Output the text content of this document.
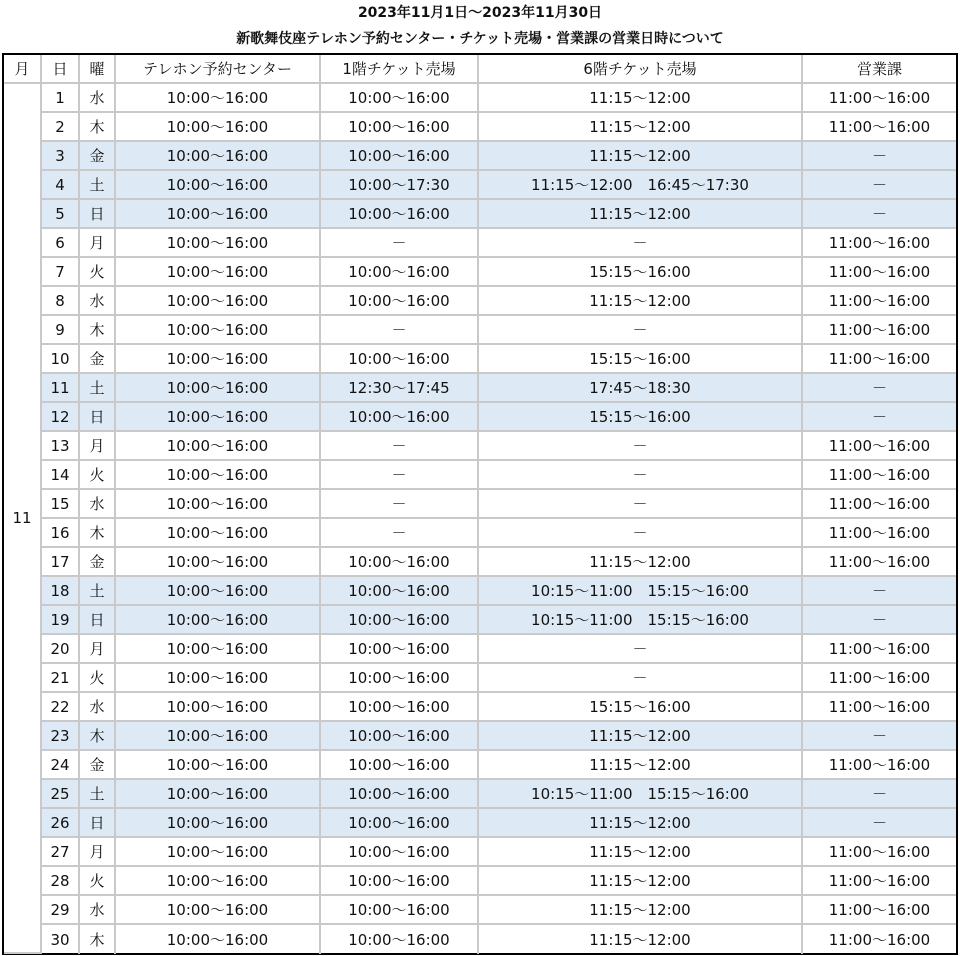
2023年11月1日～2023年11月30日
新歌舞伎座テレホン予約センター・チケット売場・営業課の営業日時について
月	日	曜	テレホン予約センター	1階チケット売場	6階チケット売場	営業課
11	1	水	10:00～16:00	10:00～16:00	11:15～12:00	11:00～16:00
	2	木	10:00～16:00	10:00～16:00	11:15～12:00	11:00～16:00
	3	金	10:00～16:00	10:00～16:00	11:15～12:00	－
	4	土	10:00～16:00	10:00～17:30	11:15～12:00　16:45～17:30	－
	5	日	10:00～16:00	10:00～16:00	11:15～12:00	－
	6	月	10:00～16:00	－	－	11:00～16:00
	7	火	10:00～16:00	10:00～16:00	15:15～16:00	11:00～16:00
	8	水	10:00～16:00	10:00～16:00	11:15～12:00	11:00～16:00
	9	木	10:00～16:00	－	－	11:00～16:00
	10	金	10:00～16:00	10:00～16:00	15:15～16:00	11:00～16:00
	11	土	10:00～16:00	12:30～17:45	17:45～18:30	－
	12	日	10:00～16:00	10:00～16:00	15:15～16:00	－
	13	月	10:00～16:00	－	－	11:00～16:00
	14	火	10:00～16:00	－	－	11:00～16:00
	15	水	10:00～16:00	－	－	11:00～16:00
	16	木	10:00～16:00	－	－	11:00～16:00
	17	金	10:00～16:00	10:00～16:00	11:15～12:00	11:00～16:00
	18	土	10:00～16:00	10:00～16:00	10:15～11:00　15:15～16:00	－
	19	日	10:00～16:00	10:00～16:00	10:15～11:00　15:15～16:00	－
	20	月	10:00～16:00	10:00～16:00	－	11:00～16:00
	21	火	10:00～16:00	10:00～16:00	－	11:00～16:00
	22	水	10:00～16:00	10:00～16:00	15:15～16:00	11:00～16:00
	23	木	10:00～16:00	10:00～16:00	11:15～12:00	－
	24	金	10:00～16:00	10:00～16:00	11:15～12:00	11:00～16:00
	25	土	10:00～16:00	10:00～16:00	10:15～11:00　15:15～16:00	－
	26	日	10:00～16:00	10:00～16:00	11:15～12:00	－
	27	月	10:00～16:00	10:00～16:00	11:15～12:00	11:00～16:00
	28	火	10:00～16:00	10:00～16:00	11:15～12:00	11:00～16:00
	29	水	10:00～16:00	10:00～16:00	11:15～12:00	11:00～16:00
	30	木	10:00～16:00	10:00～16:00	11:15～12:00	11:00～16:00
